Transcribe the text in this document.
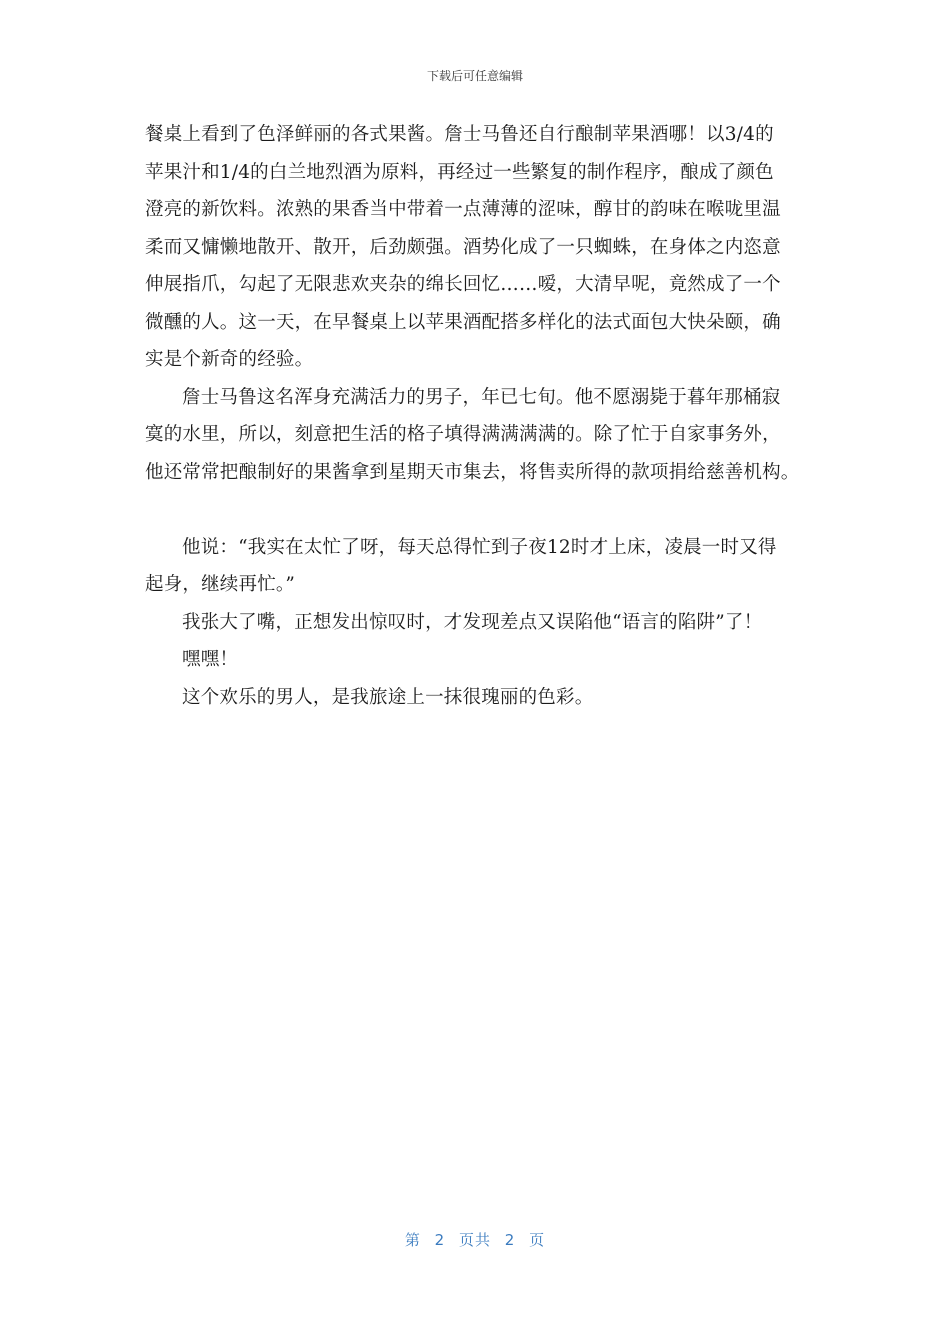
下载后可任意编辑
餐桌上看到了色泽鲜丽的各式果酱。詹士马鲁还自行酿制苹果酒哪！以3/4的
苹果汁和1/4的白兰地烈酒为原料，再经过一些繁复的制作程序，酿成了颜色
澄亮的新饮料。浓熟的果香当中带着一点薄薄的涩味，醇甘的韵味在喉咙里温
柔而又慵懒地散开、散开，后劲颇强。酒势化成了一只蜘蛛，在身体之内恣意
伸展指爪，勾起了无限悲欢夹杂的绵长回忆……嗳，大清早呢，竟然成了一个
微醺的人。这一天，在早餐桌上以苹果酒配搭多样化的法式面包大快朵颐，确
实是个新奇的经验。
詹士马鲁这名浑身充满活力的男子，年已七旬。他不愿溺毙于暮年那桶寂
寞的水里，所以，刻意把生活的格子填得满满满满的。除了忙于自家事务外，
他还常常把酿制好的果酱拿到星期天市集去，将售卖所得的款项捐给慈善机构。
他说：“我实在太忙了呀，每天总得忙到子夜12时才上床，凌晨一时又得
起身，继续再忙。”
我张大了嘴，正想发出惊叹时，才发现差点又误陷他“语言的陷阱”了！
嘿嘿！
这个欢乐的男人，是我旅途上一抹很瑰丽的色彩。
第 2 页共 2 页
